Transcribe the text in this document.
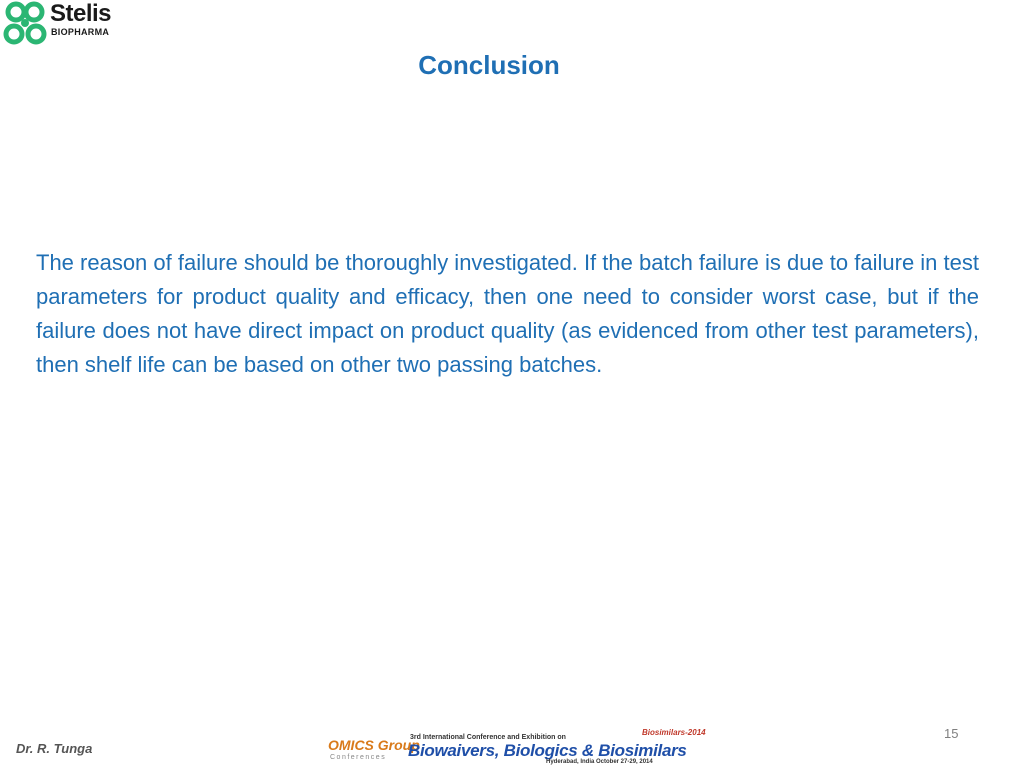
Stelis
BIOPHARMA
Conclusion
The reason of failure should be thoroughly investigated. If the batch failure is due to failure in test parameters for product quality and efficacy, then one need to consider worst case, but if the failure does not have direct impact on product quality (as evidenced from other test parameters), then shelf life can be based on other two passing batches.
15
Dr. R. Tunga	OMICS Group
Conferences
3rd International Conference and Exhibition on
Biosimilars-2014
Biowaivers, Biologics & Biosimilars
Hyderabad, India October 27-29, 2014
